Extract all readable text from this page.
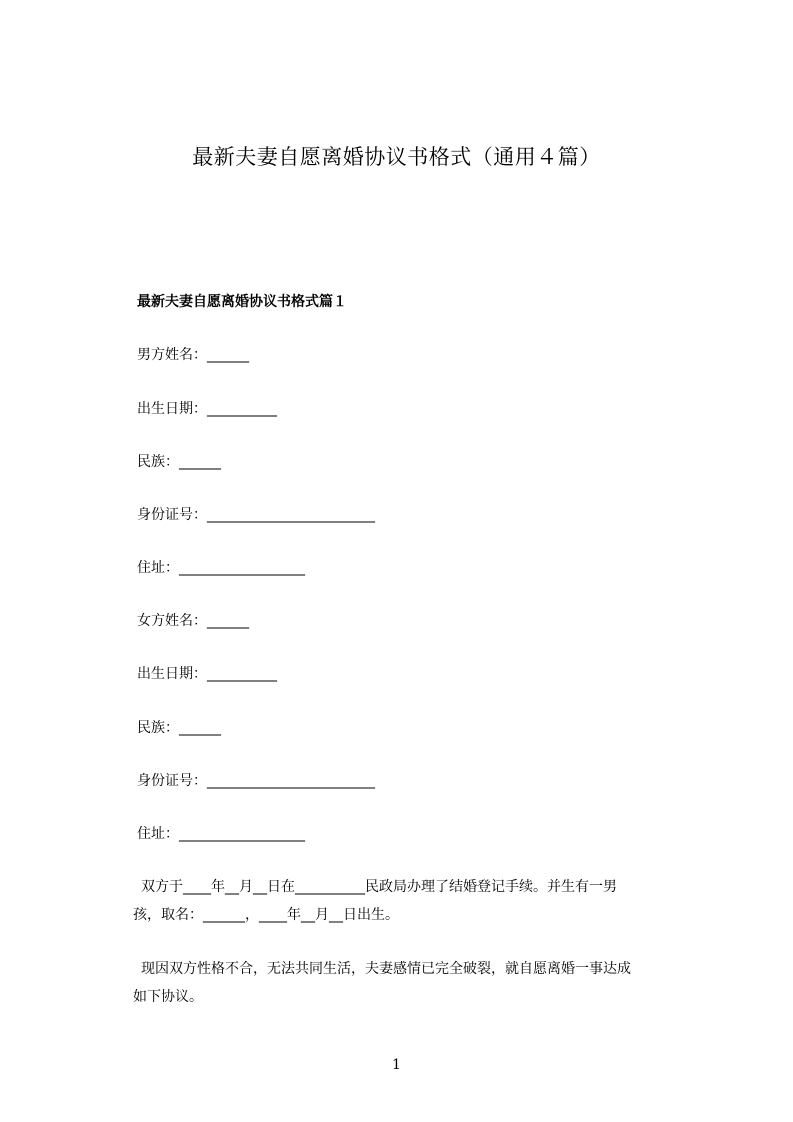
最新夫妻自愿离婚协议书格式（通用４篇）
最新夫妻自愿离婚协议书格式篇１
男方姓名：______
出生日期：__________
民族：______
身份证号：________________________
住址：__________________
女方姓名：______
出生日期：__________
民族：______
身份证号：________________________
住址：__________________
双方于____年__月__日在__________民政局办理了结婚登记手续。并生有一男
孩，取名：______，____年__月__日出生。
现因双方性格不合，无法共同生活，夫妻感情已完全破裂，就自愿离婚一事达成
如下协议。
1
